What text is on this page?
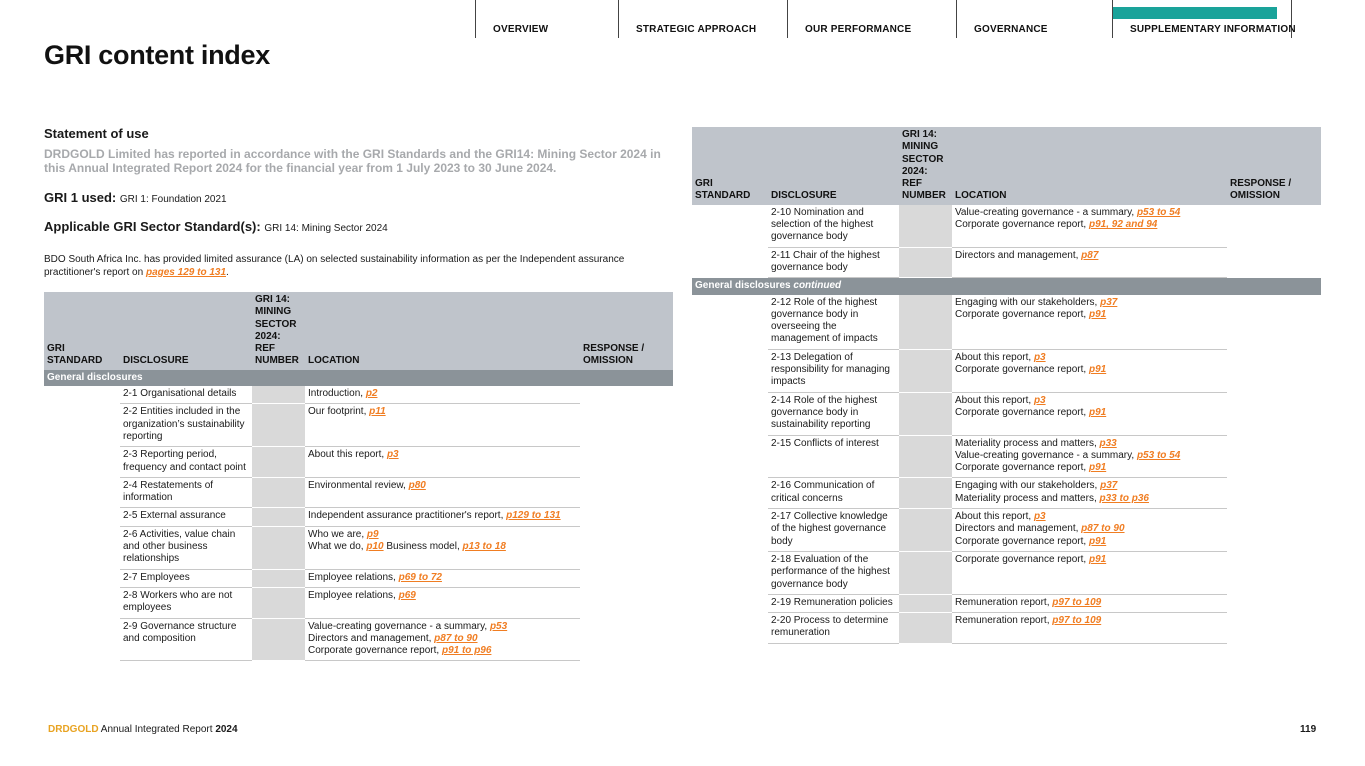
OVERVIEW	STRATEGIC APPROACH	OUR PERFORMANCE	GOVERNANCE	SUPPLEMENTARY INFORMATION
GRI content index
Statement of use
DRDGOLD Limited has reported in accordance with the GRI Standards and the GRI14: Mining Sector 2024 in this Annual Integrated Report 2024 for the financial year from 1 July 2023 to 30 June 2024.
GRI 1 used: GRI 1: Foundation 2021
Applicable GRI Sector Standard(s): GRI 14: Mining Sector 2024
BDO South Africa Inc. has provided limited assurance (LA) on selected sustainability information as per the Independent assurance practitioner's report on pages 129 to 131.
GRI STANDARD	DISCLOSURE	GRI 14: MINING SECTOR 2024: REF NUMBER	LOCATION	RESPONSE / OMISSION
General disclosures				
	2-1 Organisational details		Introduction, p2	

	2-2 Entities included in the organization’s sustainability reporting		Our footprint, p11	

	2-3 Reporting period, frequency and contact point		About this report, p3	

	2-4 Restatements of information		Environmental review, p80	

	2-5 External assurance		Independent assurance practitioner's report, p129 to 131	

	2-6 Activities, value chain and other business relationships		Who we are, p9
What we do, p10 Business model, p13 to 18	

	2-7 Employees		Employee relations, p69 to 72	

	2-8 Workers who are not employees		Employee relations, p69	

	2-9 Governance structure and composition		Value-creating governance - a summary, p53
Directors and management, p87 to 90
Corporate governance report, p91 to p96	

GRI STANDARD	DISCLOSURE	GRI 14: MINING SECTOR 2024: REF NUMBER	LOCATION	RESPONSE / OMISSION
	2-10 Nomination and selection of the highest governance body		Value-creating governance - a summary, p53 to 54
Corporate governance report, p91, 92 and 94	

	2-11 Chair of the highest governance body		Directors and management, p87	

General disclosures continued				
	2-12 Role of the highest governance body in overseeing the management of impacts		Engaging with our stakeholders, p37
Corporate governance report, p91	

	2-13 Delegation of responsibility for managing impacts		About this report, p3
Corporate governance report, p91	

	2-14 Role of the highest governance body in sustainability reporting		About this report, p3
Corporate governance report, p91	

	2-15 Conflicts of interest		Materiality process and matters, p33
Value-creating governance - a summary, p53 to 54
Corporate governance report, p91	

	2-16 Communication of critical concerns		Engaging with our stakeholders, p37
Materiality process and matters, p33 to p36	

	2-17 Collective knowledge of the highest governance body		About this report, p3
Directors and management, p87 to 90
Corporate governance report, p91	

	2-18 Evaluation of the performance of the highest governance body		Corporate governance report, p91	

	2-19 Remuneration policies		Remuneration report, p97 to 109	

	2-20 Process to determine remuneration		Remuneration report, p97 to 109	

DRDGOLD Annual Integrated Report 2024	119
